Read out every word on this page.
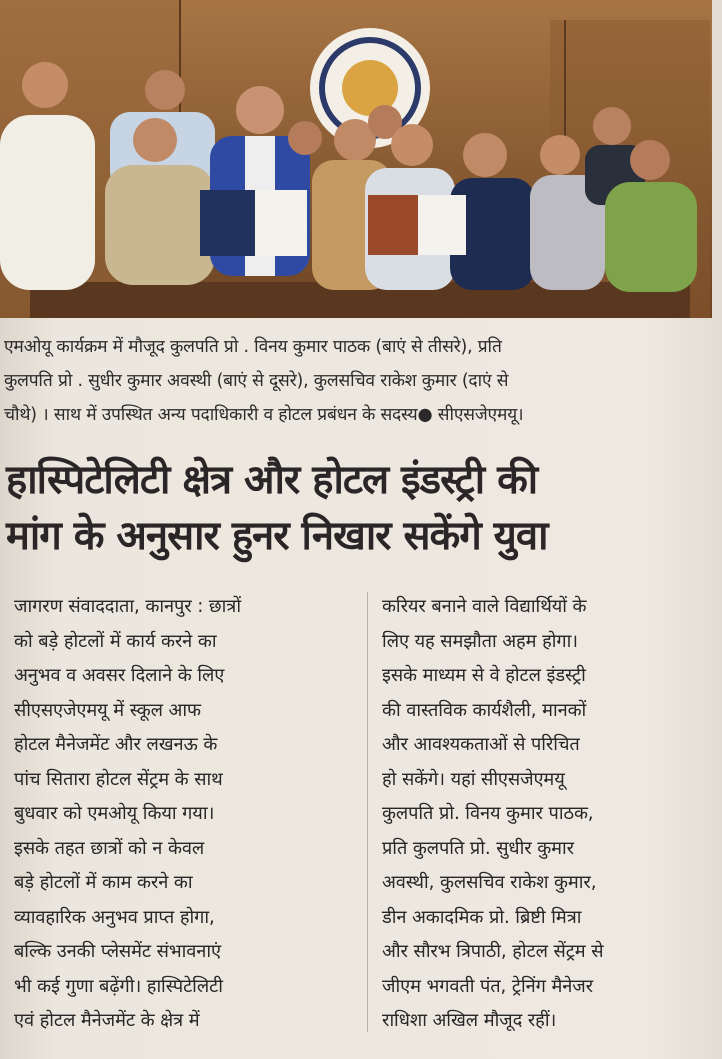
एमओयू कार्यक्रम में मौजूद कुलपति प्रो . विनय कुमार पाठक (बाएं से तीसरे), प्रति
कुलपति प्रो . सुधीर कुमार अवस्थी (बाएं से दूसरे), कुलसचिव राकेश कुमार (दाएं से
चौथे) । साथ में उपस्थित अन्य पदाधिकारी व होटल प्रबंधन के सदस्य● सीएसजेएमयू।
हास्पिटेलिटी क्षेत्र और होटल इंडस्ट्री की
मांग के अनुसार हुनर निखार सकेंगे युवा
जागरण संवाददाता, कानपुर : छात्रों
को बड़े होटलों में कार्य करने का
अनुभव व अवसर दिलाने के लिए
सीएसएजेएमयू में स्कूल आफ
होटल मैनेजमेंट और लखनऊ के
पांच सितारा होटल सेंट्रम के साथ
बुधवार को एमओयू किया गया।
इसके तहत छात्रों को न केवल
बड़े होटलों में काम करने का
व्यावहारिक अनुभव प्राप्त होगा,
बल्कि उनकी प्लेसमेंट संभावनाएं
भी कई गुणा बढ़ेंगी। हास्पिटेलिटी
एवं होटल मैनेजमेंट के क्षेत्र में
करियर बनाने वाले विद्यार्थियों के
लिए यह समझौता अहम होगा।
इसके माध्यम से वे होटल इंडस्ट्री
की वास्तविक कार्यशैली, मानकों
और आवश्यकताओं से परिचित
हो सकेंगे। यहां सीएसजेएमयू
कुलपति प्रो. विनय कुमार पाठक,
प्रति कुलपति प्रो. सुधीर कुमार
अवस्थी, कुलसचिव राकेश कुमार,
डीन अकादमिक प्रो. ब्रिष्टी मित्रा
और सौरभ त्रिपाठी, होटल सेंट्रम से
जीएम भगवती पंत, ट्रेनिंग मैनेजर
राधिशा अखिल मौजूद रहीं।
